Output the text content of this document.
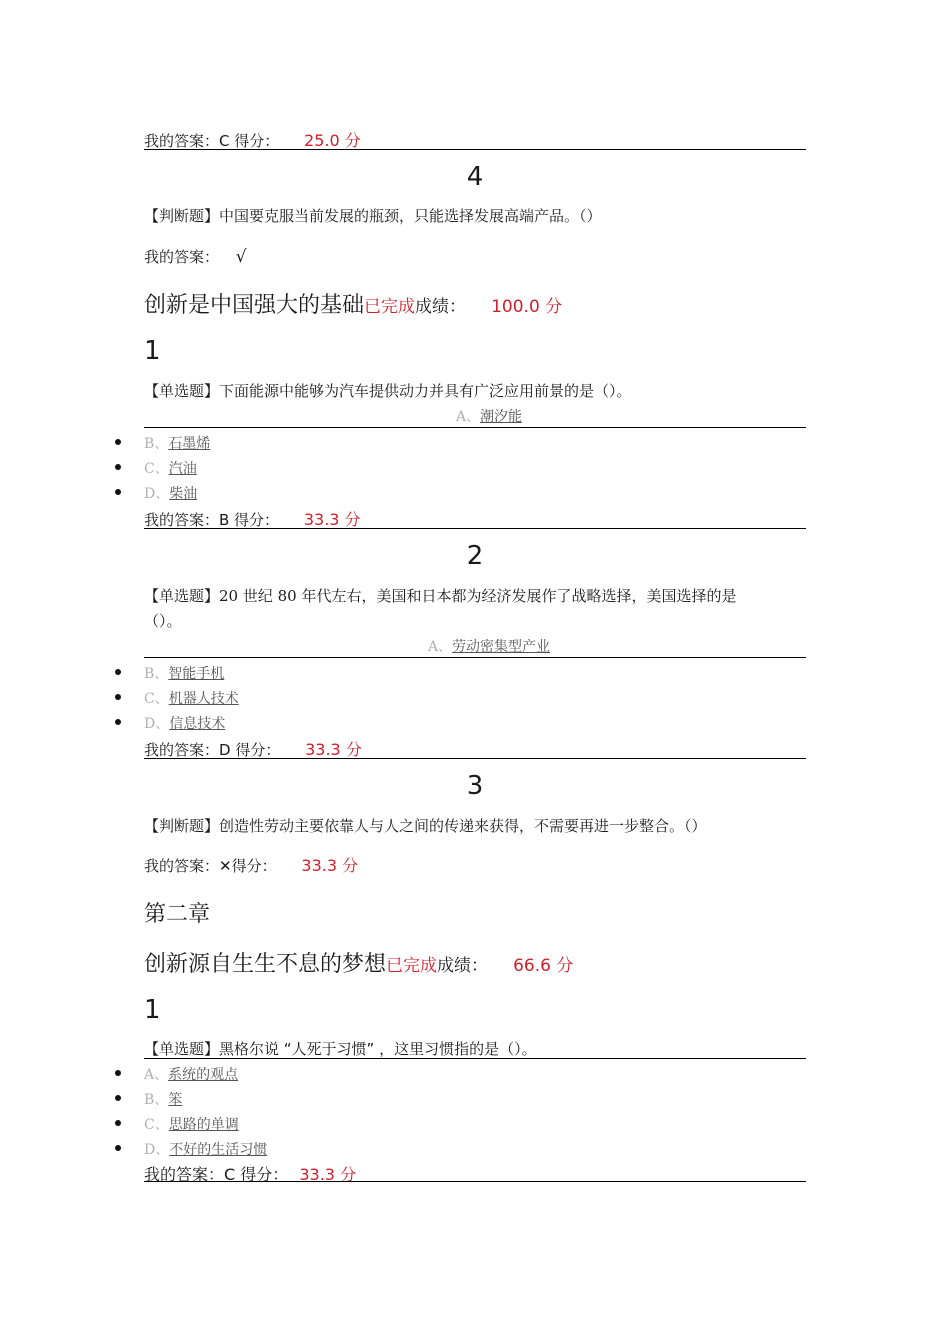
我的答案：C 得分： 25.0 分
4
【判断题】中国要克服当前发展的瓶颈，只能选择发展高端产品。（）
我的答案： √
创新是中国强大的基础已完成成绩： 100.0 分
1
【单选题】下面能源中能够为汽车提供动力并具有广泛应用前景的是（）。
A、潮汐能
B、石墨烯
C、汽油
D、柴油
我的答案：B 得分： 33.3 分
2
【单选题】20 世纪 80 年代左右，美国和日本都为经济发展作了战略选择，美国选择的是
（）。
A、劳动密集型产业
B、智能手机
C、机器人技术
D、信息技术
我的答案：D 得分： 33.3 分
3
【判断题】创造性劳动主要依靠人与人之间的传递来获得，不需要再进一步整合。（）
我的答案：✕得分： 33.3 分
第二章
创新源自生生不息的梦想已完成成绩： 66.6 分
1
【单选题】黑格尔说 “人死于习惯” ，这里习惯指的是（）。
A、系统的观点
B、笨
C、思路的单调
D、不好的生活习惯
我的答案：C 得分： 33.3 分
